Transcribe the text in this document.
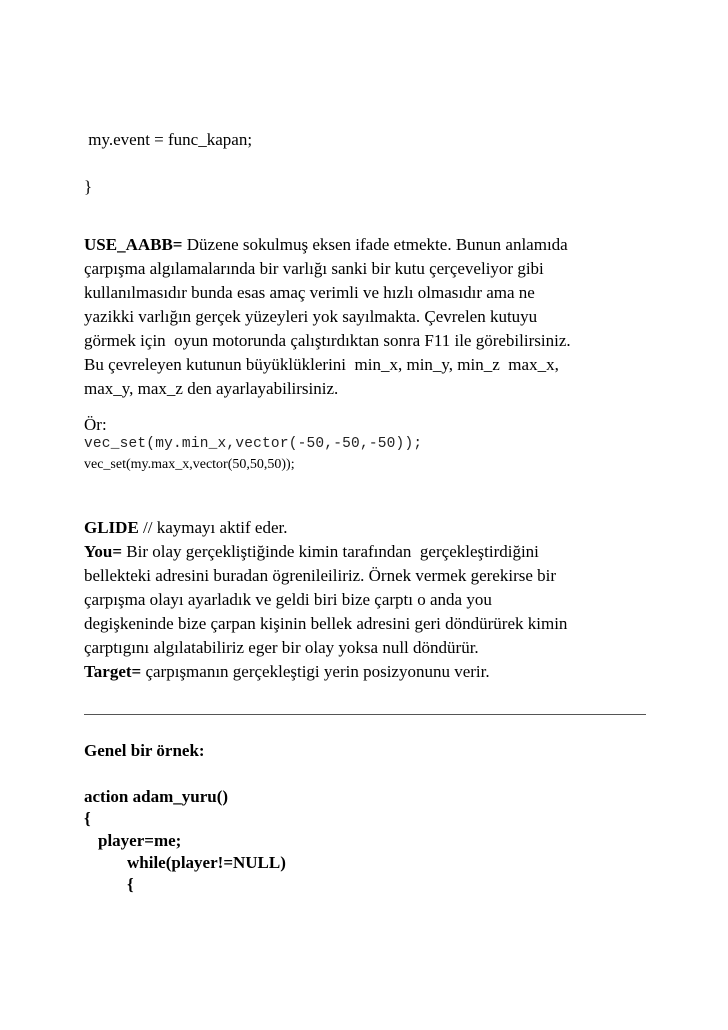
my.event = func_kapan;
}
USE_AABB= Düzene sokulmuş eksen ifade etmekte. Bunun anlamıda
çarpışma algılamalarında bir varlığı sanki bir kutu çerçeveliyor gibi
kullanılmasıdır bunda esas amaç verimli ve hızlı olmasıdır ama ne
yazikki varlığın gerçek yüzeyleri yok sayılmakta. Çevrelen kutuyu
görmek için  oyun motorunda çalıştırdıktan sonra F11 ile görebilirsiniz.
Bu çevreleyen kutunun büyüklüklerini  min_x, min_y, min_z  max_x,
max_y, max_z den ayarlayabilirsiniz.
Ör:
vec_set(my.min_x,vector(-50,-50,-50));
vec_set(my.max_x,vector(50,50,50));
GLIDE // kaymayı aktif eder.
You= Bir olay gerçekliştiğinde kimin tarafından  gerçekleştirdiğini
bellekteki adresini buradan ögrenileiliriz. Örnek vermek gerekirse bir
çarpışma olayı ayarladık ve geldi biri bize çarptı o anda you
degişkeninde bize çarpan kişinin bellek adresini geri döndürürek kimin
çarptıgını algılatabiliriz eger bir olay yoksa null döndürür.
Target= çarpışmanın gerçekleştigi yerin posizyonunu verir.
Genel bir örnek:
action adam_yuru()
{
player=me;
while(player!=NULL)
{
